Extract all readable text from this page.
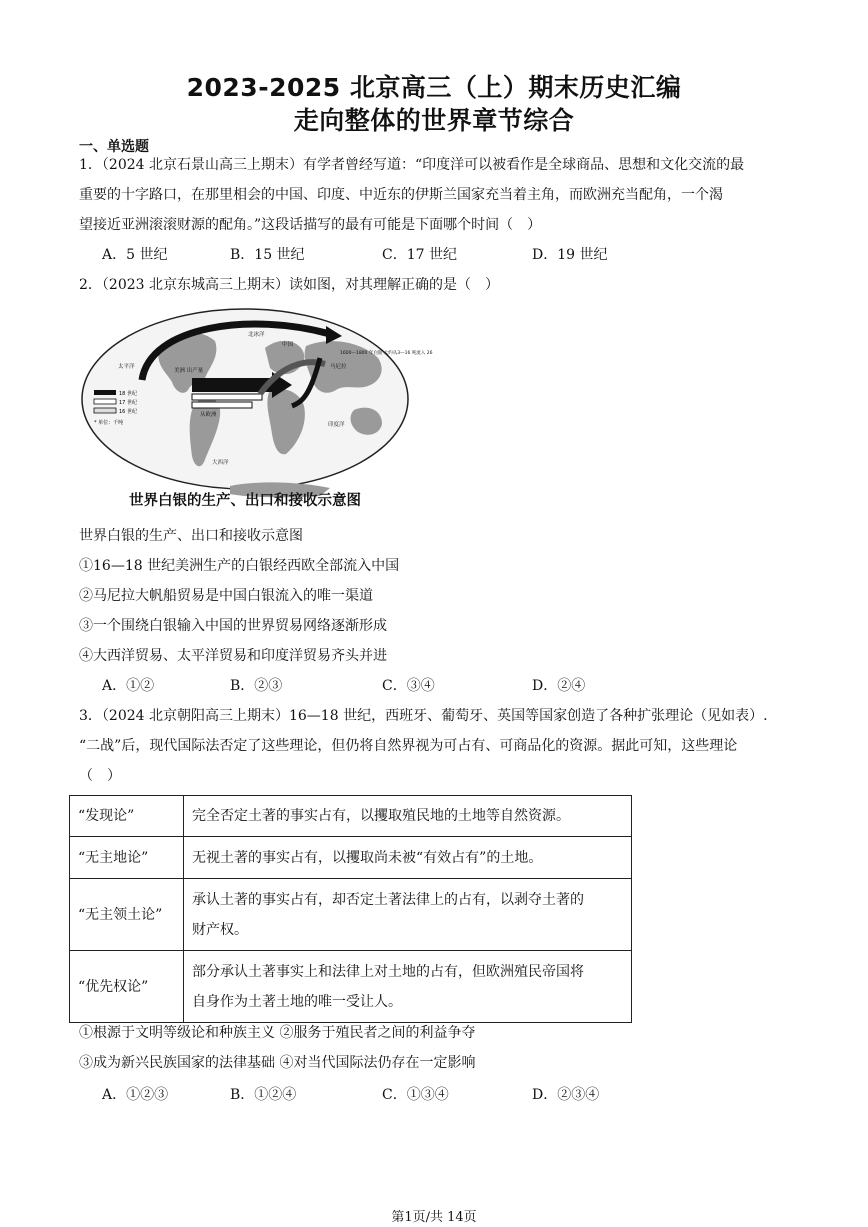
2023-2025 北京高三（上）期末历史汇编
走向整体的世界章节综合
一、单选题
1．（2024 北京石景山高三上期末）有学者曾经写道：“印度洋可以被看作是全球商品、思想和文化交流的最
重要的十字路口，在那里相会的中国、印度、中近东的伊斯兰国家充当着主角，而欧洲充当配角，一个渴
望接近亚洲滚滚财源的配角。”这段话描写的最有可能是下面哪个时间（　）
A．5 世纪	B．15 世纪	C．17 世纪	D．19 世纪
2．（2023 北京东城高三上期末）读如图，对其理解正确的是（　）
18 世纪
17 世纪
16 世纪
* 单位：千吨
太平洋
北冰洋
印度洋
大西洋
美洲 出产量
马尼拉
中国
从欧洲
1600—1800 年白银 大约从3—16 吨流入 26
世界白银的生产、出口和接收示意图
世界白银的生产、出口和接收示意图
①16—18 世纪美洲生产的白银经西欧全部流入中国
②马尼拉大帆船贸易是中国白银流入的唯一渠道
③一个围绕白银输入中国的世界贸易网络逐渐形成
④大西洋贸易、太平洋贸易和印度洋贸易齐头并进
A．①②	B．②③	C．③④	D．②④
3．（2024 北京朝阳高三上期末）16—18 世纪，西班牙、葡萄牙、英国等国家创造了各种扩张理论（见如表）.
“二战”后，现代国际法否定了这些理论，但仍将自然界视为可占有、可商品化的资源。据此可知，这些理论
（　）
“发现论”	完全否定土著的事实占有，以攫取殖民地的土地等自然资源。

“无主地论”	无视土著的事实占有，以攫取尚未被“有效占有”的土地。

“无主领土论”	承认土著的事实占有，却否定土著法律上的占有，以剥夺土著的
财产权。

“优先权论”	部分承认土著事实上和法律上对土地的占有，但欧洲殖民帝国将
自身作为土著土地的唯一受让人。
①根源于文明等级论和种族主义 ②服务于殖民者之间的利益争夺
③成为新兴民族国家的法律基础 ④对当代国际法仍存在一定影响
A．①②③	B．①②④	C．①③④	D．②③④
第1页/共 14页
